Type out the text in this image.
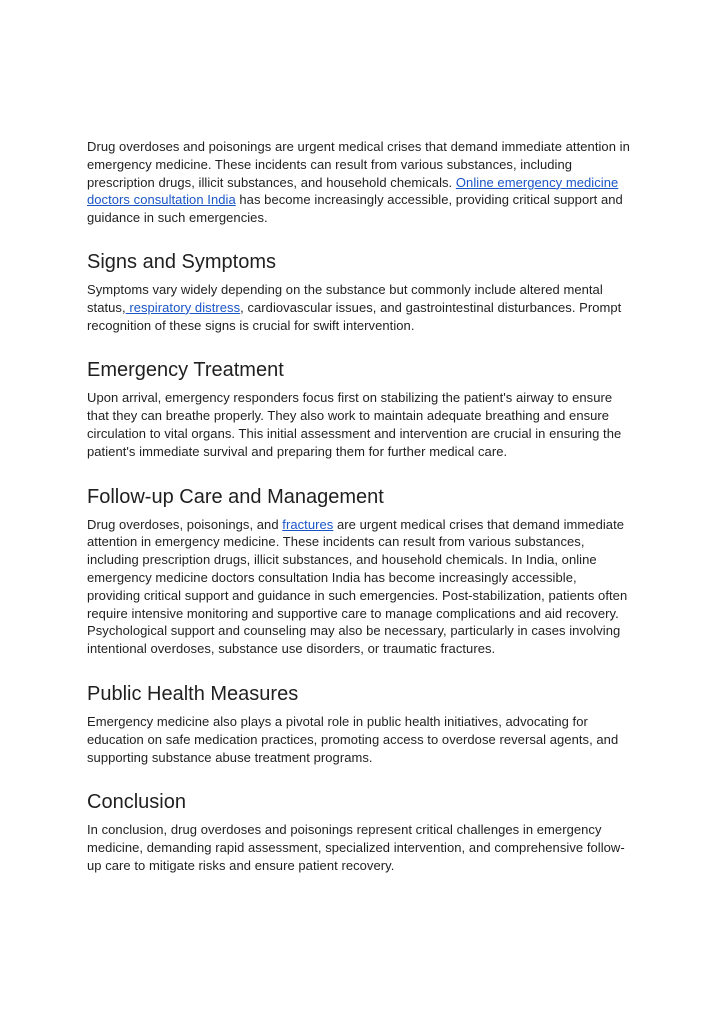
Drug overdoses and poisonings are urgent medical crises that demand immediate attention in emergency medicine. These incidents can result from various substances, including prescription drugs, illicit substances, and household chemicals. Online emergency medicine doctors consultation India has become increasingly accessible, providing critical support and guidance in such emergencies.

Signs and Symptoms

Symptoms vary widely depending on the substance but commonly include altered mental status, respiratory distress, cardiovascular issues, and gastrointestinal disturbances. Prompt recognition of these signs is crucial for swift intervention.

Emergency Treatment

Upon arrival, emergency responders focus first on stabilizing the patient's airway to ensure that they can breathe properly. They also work to maintain adequate breathing and ensure circulation to vital organs. This initial assessment and intervention are crucial in ensuring the patient's immediate survival and preparing them for further medical care.

Follow-up Care and Management

Drug overdoses, poisonings, and fractures are urgent medical crises that demand immediate attention in emergency medicine. These incidents can result from various substances, including prescription drugs, illicit substances, and household chemicals. In India, online emergency medicine doctors consultation India has become increasingly accessible, providing critical support and guidance in such emergencies. Post-stabilization, patients often require intensive monitoring and supportive care to manage complications and aid recovery. Psychological support and counseling may also be necessary, particularly in cases involving intentional overdoses, substance use disorders, or traumatic fractures.

Public Health Measures

Emergency medicine also plays a pivotal role in public health initiatives, advocating for education on safe medication practices, promoting access to overdose reversal agents, and supporting substance abuse treatment programs.

Conclusion

In conclusion, drug overdoses and poisonings represent critical challenges in emergency medicine, demanding rapid assessment, specialized intervention, and comprehensive follow-up care to mitigate risks and ensure patient recovery.
